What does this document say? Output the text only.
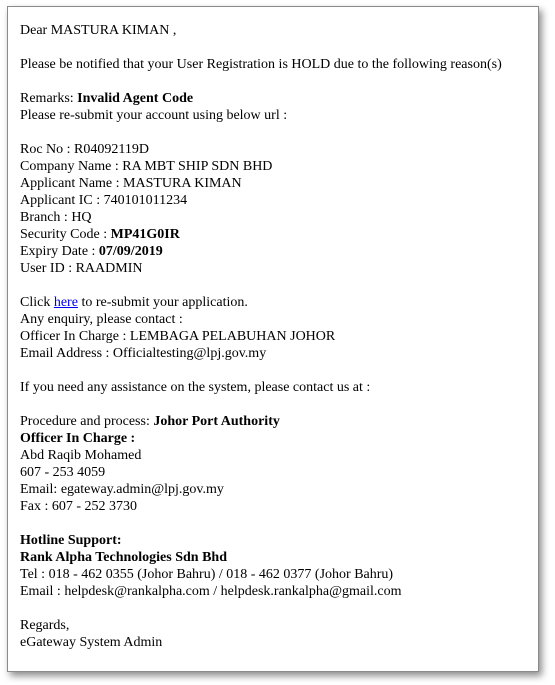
Dear MASTURA KIMAN ,
Please be notified that your User Registration is HOLD due to the following reason(s)
Remarks: Invalid Agent Code
Please re-submit your account using below url :
Roc No : R04092119D
Company Name : RA MBT SHIP SDN BHD
Applicant Name : MASTURA KIMAN
Applicant IC : 740101011234
Branch : HQ
Security Code : MP41G0IR
Expiry Date : 07/09/2019
User ID : RAADMIN
Click here to re-submit your application.
Any enquiry, please contact :
Officer In Charge : LEMBAGA PELABUHAN JOHOR
Email Address : Officialtesting@lpj.gov.my
If you need any assistance on the system, please contact us at :
Procedure and process: Johor Port Authority
Officer In Charge :
Abd Raqib Mohamed
607 - 253 4059
Email: egateway.admin@lpj.gov.my
Fax : 607 - 252 3730
Hotline Support:
Rank Alpha Technologies Sdn Bhd
Tel : 018 - 462 0355 (Johor Bahru) / 018 - 462 0377 (Johor Bahru)
Email : helpdesk@rankalpha.com / helpdesk.rankalpha@gmail.com
Regards,
eGateway System Admin
